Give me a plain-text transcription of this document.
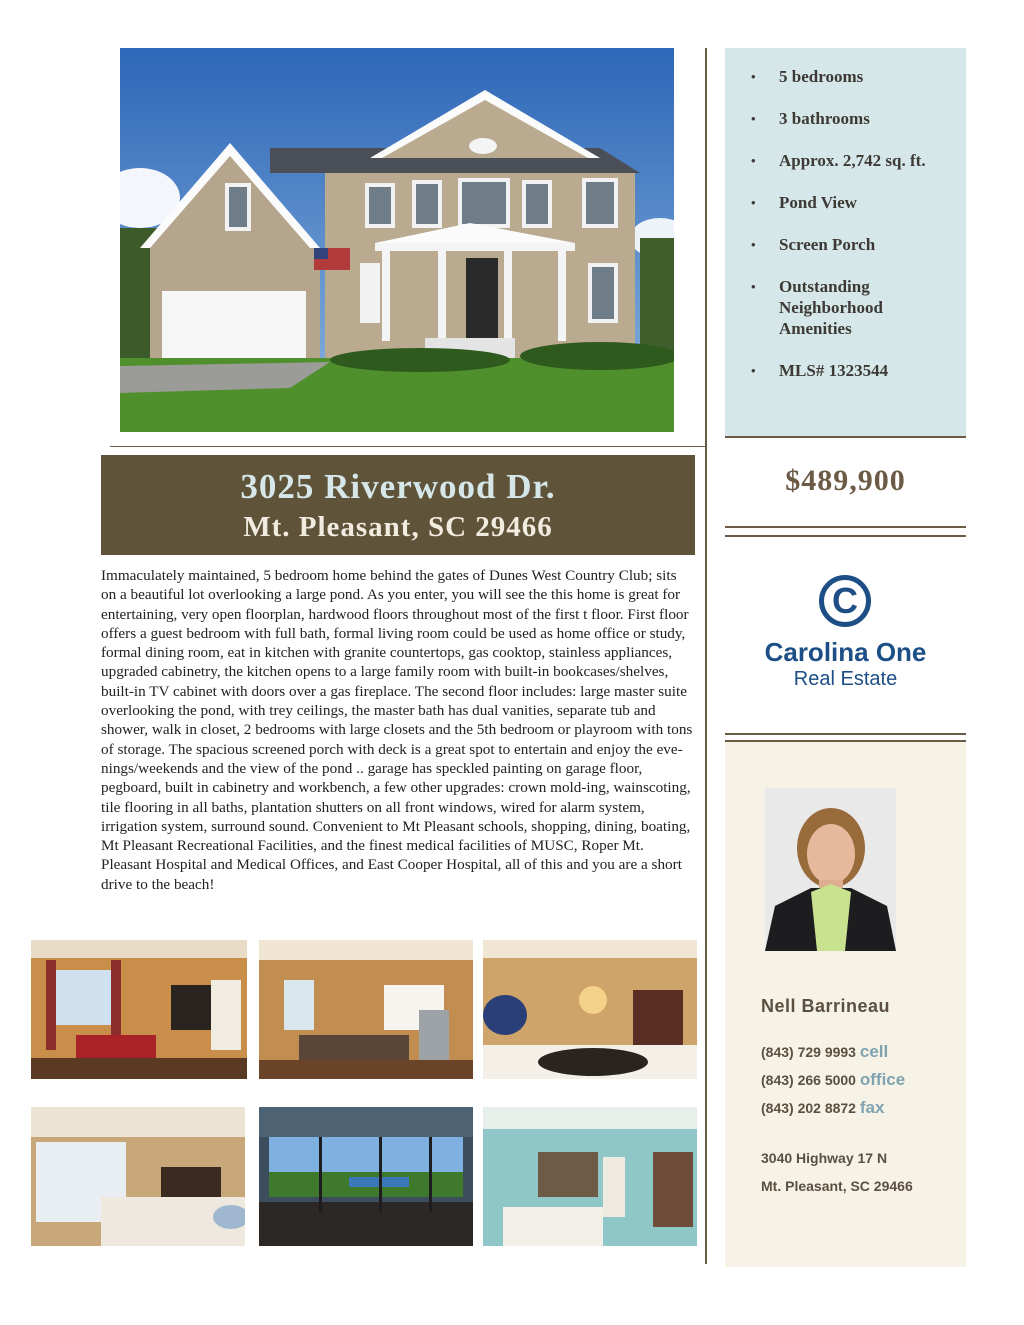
• 5 bedrooms
• 3 bathrooms
• Approx. 2,742 sq. ft.
• Pond View
• Screen Porch
• Outstanding Neighborhood Amenities
• MLS# 1323544
$489,900
C
Carolina One
Real Estate
Nell Barrineau
(843) 729 9993 cell
(843) 266 5000 office
(843) 202 8872 fax
3040 Highway 17 N
Mt. Pleasant, SC 29466
3025 Riverwood Dr.
Mt. Pleasant, SC 29466
Immaculately maintained, 5 bedroom home behind the gates of Dunes West Country Club; sits on a beautiful lot overlooking a large pond. As you enter, you will see the this home is great for entertaining, very open floorplan, hardwood floors throughout most of the first t floor. First floor offers a guest bedroom with full bath, formal living room could be used as home office or study, formal dining room, eat in kitchen with granite countertops, gas cooktop, stainless appliances, upgraded cabinetry, the kitchen opens to a large family room with built-in bookcases/shelves, built-in TV cabinet with doors over a gas fireplace. The second floor includes: large master suite overlooking the pond, with trey ceilings, the master bath has dual vanities, separate tub and shower, walk in closet, 2 bedrooms with large closets and the 5th bedroom or playroom with tons of storage. The spacious screened porch with deck is a great spot to entertain and enjoy the eve-nings/weekends and the view of the pond .. garage has speckled painting on garage floor, pegboard, built in cabinetry and workbench, a few other upgrades: crown mold-ing, wainscoting, tile flooring in all baths, plantation shutters on all front windows, wired for alarm system, irrigation system, surround sound. Convenient to Mt Pleasant schools, shopping, dining, boating, Mt Pleasant Recreational Facilities, and the finest medical facilities of MUSC, Roper Mt. Pleasant Hospital and Medical Offices, and East Cooper Hospital, all of this and you are a short drive to the beach!
